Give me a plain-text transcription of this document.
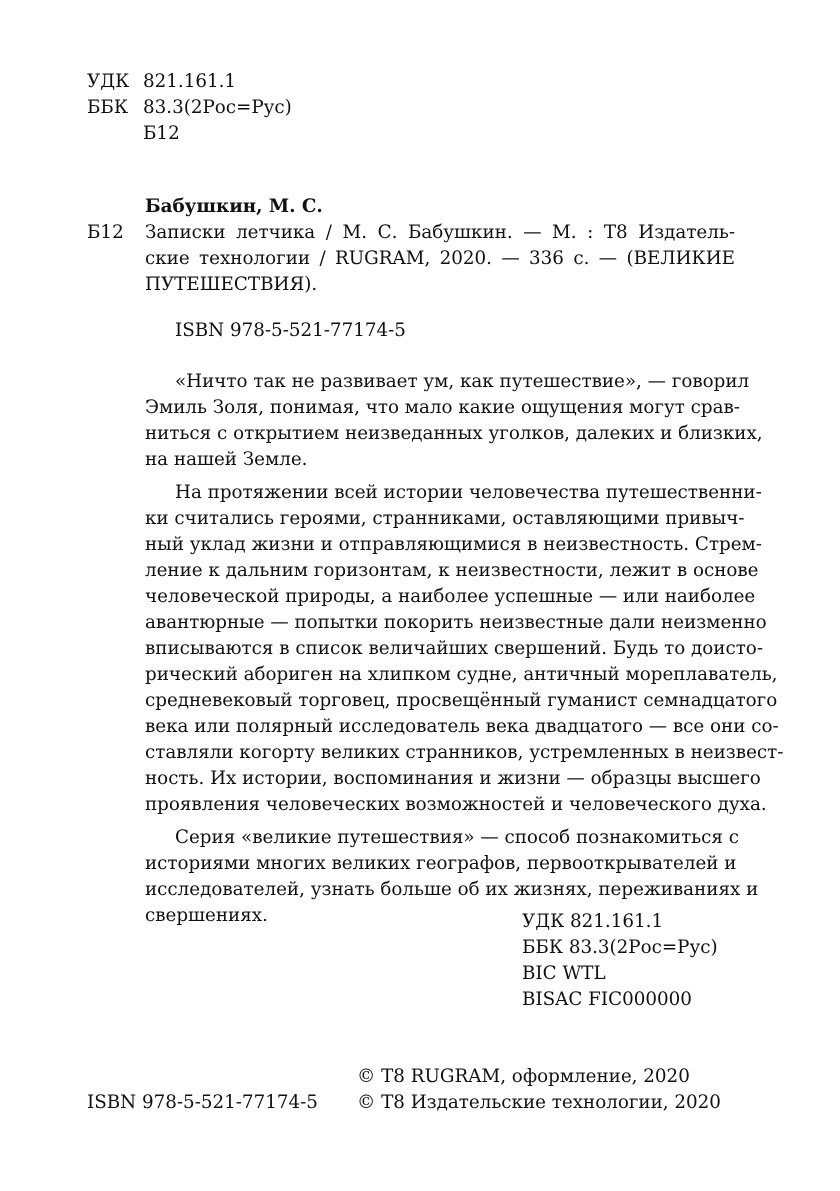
УДК 821.161.1
ББК 83.3(2Рос=Рус)
Б12
Бабушкин, М. С.
Б12 Записки летчика / М. С. Бабушкин. — М. : Т8 Издатель-
ские технологии / RUGRAM, 2020. — 336 с. — (ВЕЛИКИЕ
ПУТЕШЕСТВИЯ).
ISBN 978-5-521-77174-5

«Ничто так не развивает ум, как путешествие», — говорил
Эмиль Золя, понимая, что мало какие ощущения могут срав-
ниться с открытием неизведанных уголков, далеких и близких,
на нашей Земле.

На протяжении всей истории человечества путешественни-
ки считались героями, странниками, оставляющими привыч-
ный уклад жизни и отправляющимися в неизвестность. Стрем-
ление к дальним горизонтам, к неизвестности, лежит в основе
человеческой природы, а наиболее успешные — или наиболее
авантюрные — попытки покорить неизвестные дали неизменно
вписываются в список величайших свершений. Будь то доисто-
рический абориген на хлипком судне, античный мореплаватель,
средневековый торговец, просвещённый гуманист семнадцатого
века или полярный исследователь века двадцатого — все они со-
ставляли когорту великих странников, устремленных в неизвест-
ность. Их истории, воспоминания и жизни — образцы высшего
проявления человеческих возможностей и человеческого духа.

Серия «великие путешествия» — способ познакомиться с
историями многих великих географов, первооткрывателей и
исследователей, узнать больше об их жизнях, переживаниях и
свершениях.	УДК 821.161.1
ББК 83.3(2Рос=Рус)
BIC WTL
BISAC FIC000000
© Т8 RUGRAM, оформление, 2020
© Т8 Издательские технологии, 2020
ISBN 978-5-521-77174-5
